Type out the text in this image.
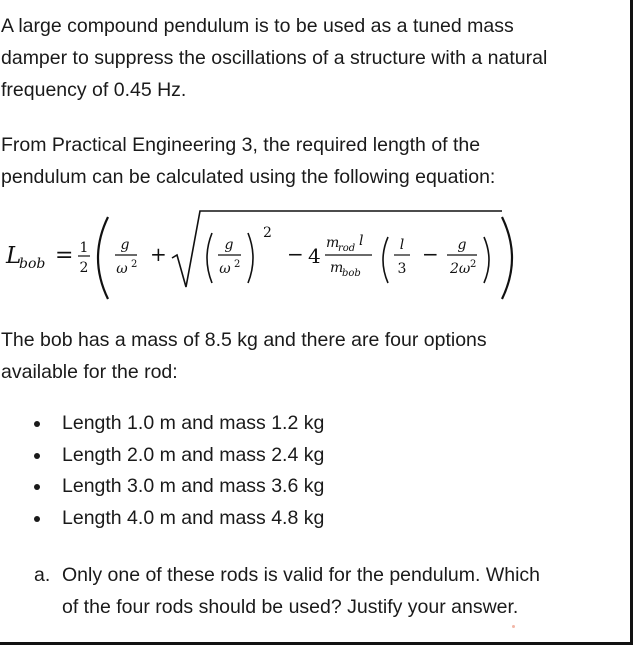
A large compound pendulum is to be used as a tuned mass
damper to suppress the oscillations of a structure with a natural
frequency of 0.45 Hz.

From Practical Engineering 3, the required length of the
pendulum can be calculated using the following equation:

L
bob = 1
2
g
ω 2 +	g
ω 2
2
− 4
m
rod l
m
bob
l
3
− g
2ω 2

The bob has a mass of 8.5 kg and there are four options
available for the rod:

Length 1.0 m and mass 1.2 kg
Length 2.0 m and mass 2.4 kg
Length 3.0 m and mass 3.6 kg
Length 4.0 m and mass 4.8 kg
a. Only one of these rods is valid for the pendulum. Which
of the four rods should be used? Justify your answer.
